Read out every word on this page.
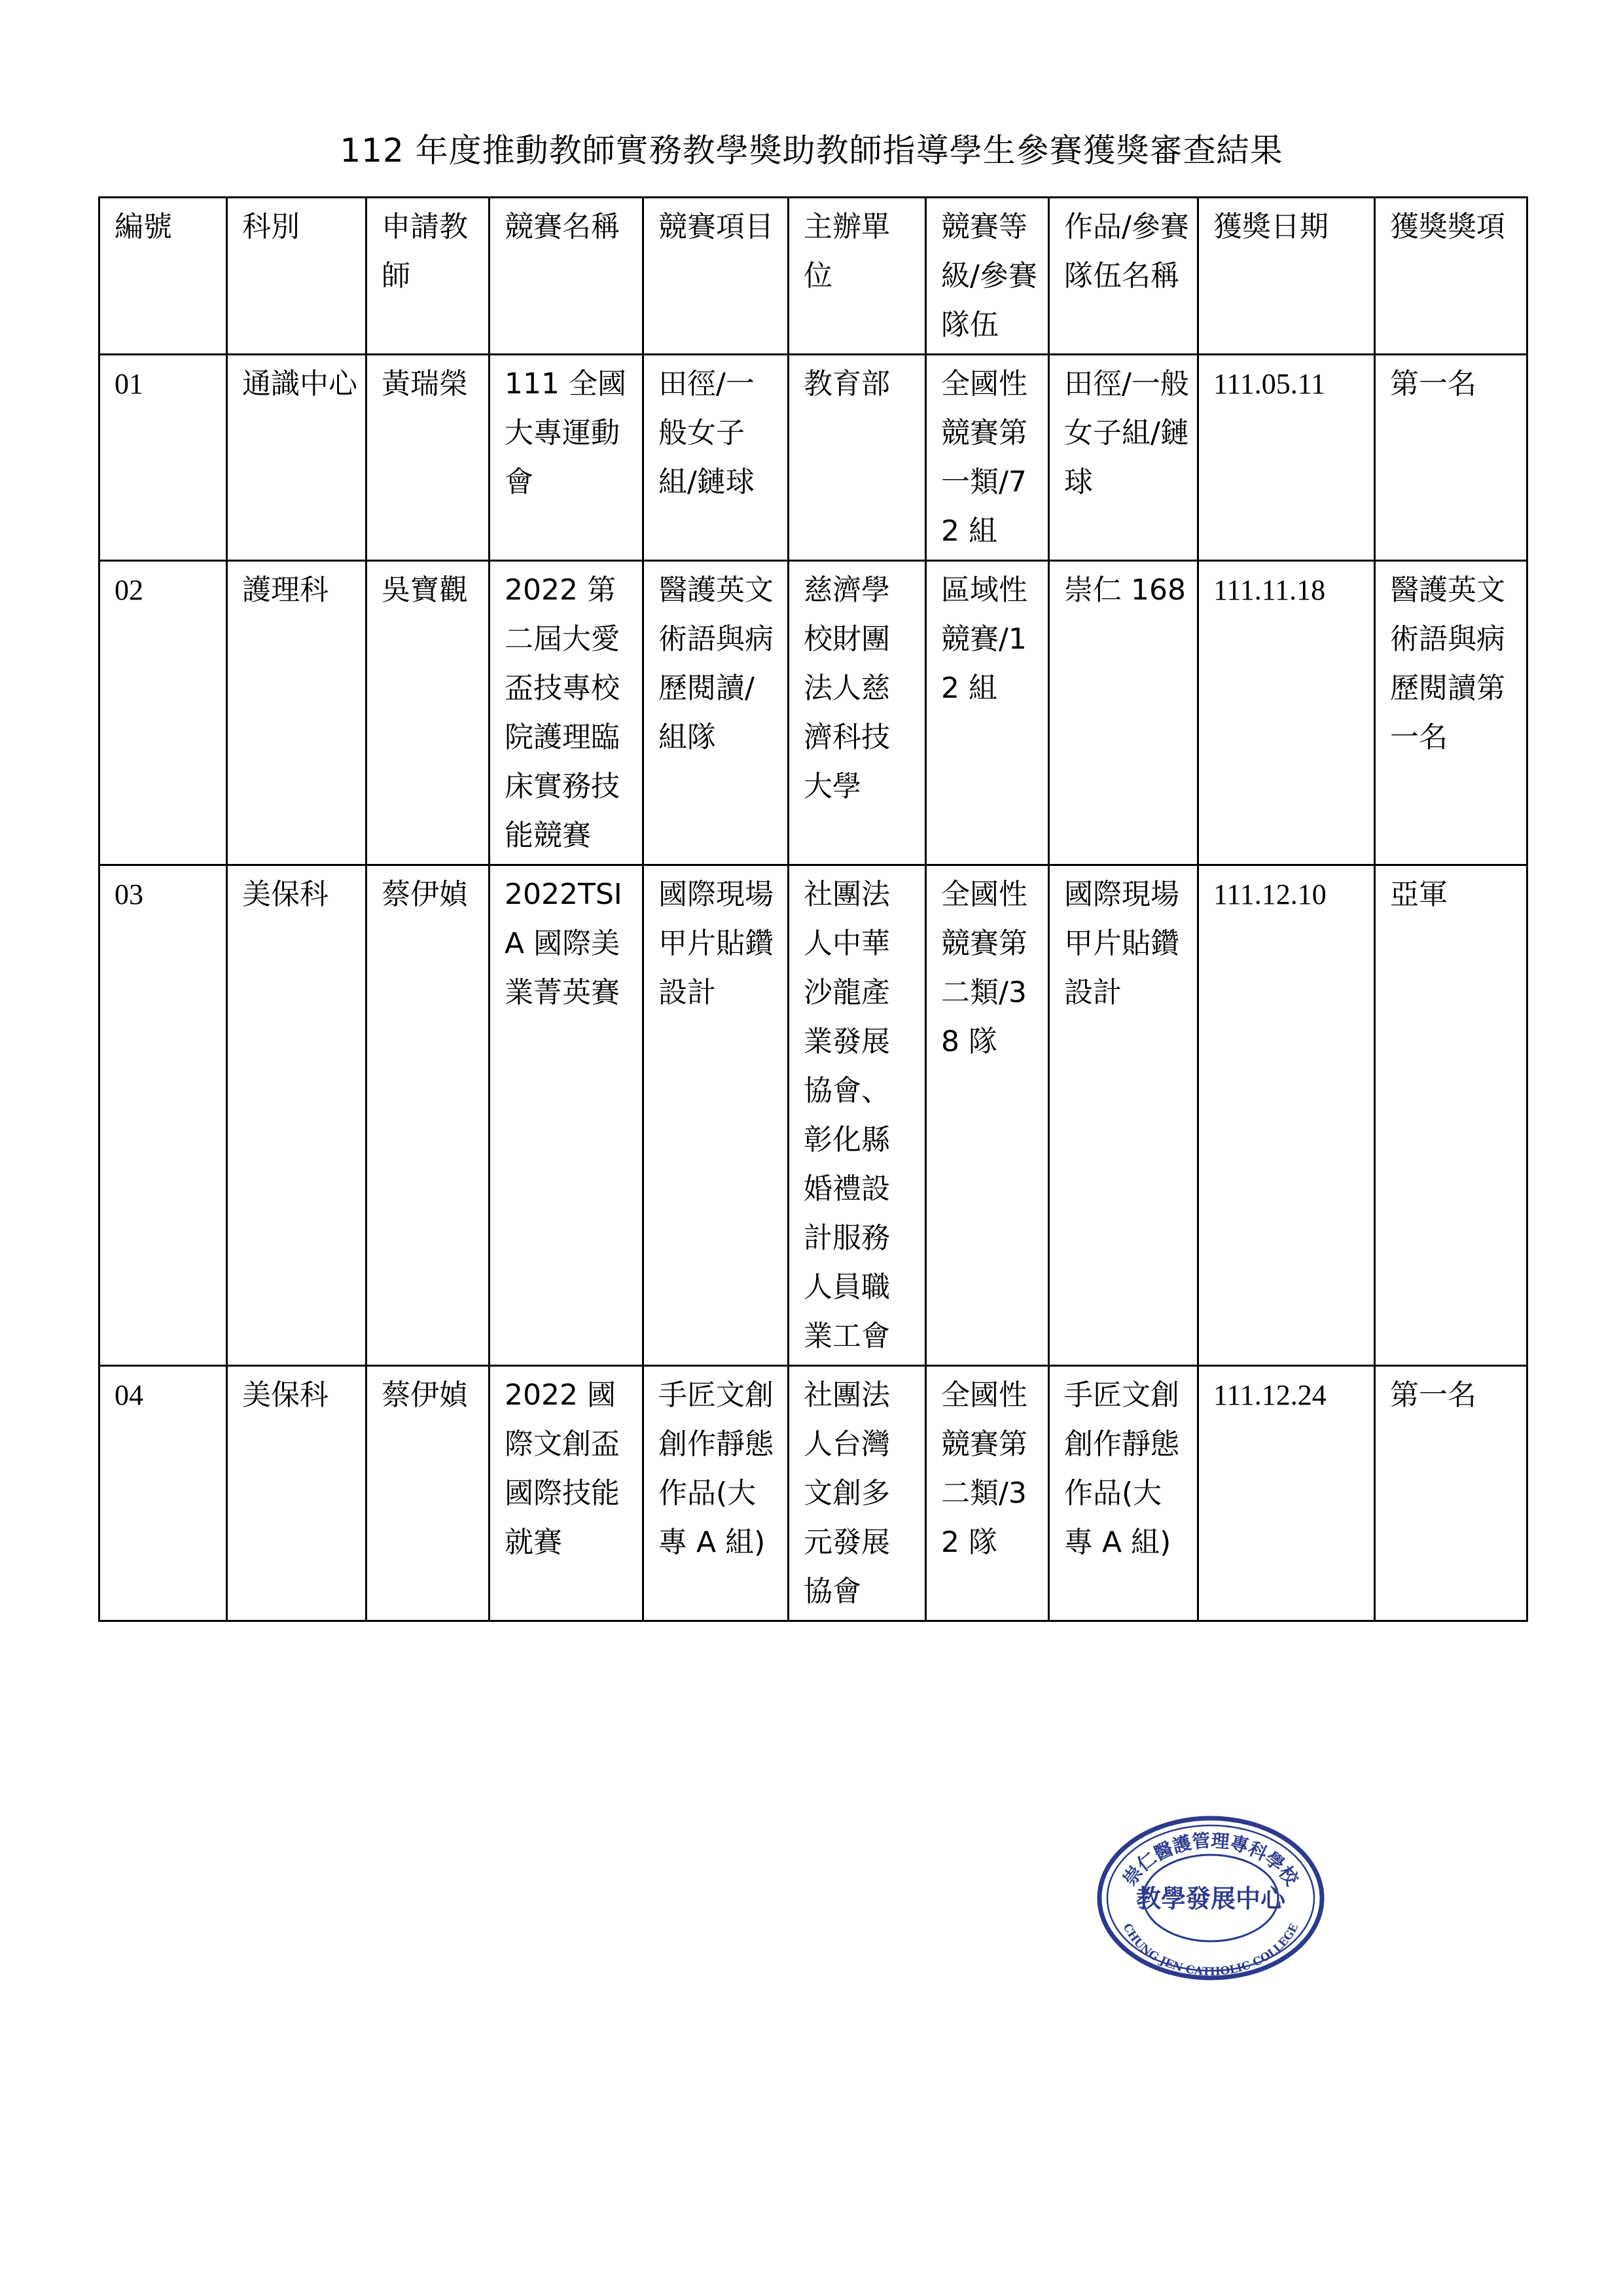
112 年度推動教師實務教學獎助教師指導學生參賽獲獎審查結果
編號	科別	申請教師	競賽名稱	競賽項目	主辦單位	競賽等級/參賽隊伍	作品/參賽隊伍名稱	獲獎日期	獲獎獎項
01	通識中心	黃瑞榮	111 全國大專運動會	田徑/一般女子組/鏈球	教育部	全國性競賽第一類/72 組	田徑/一般女子組/鏈球	111.05.11	第一名
02	護理科	吳寶觀	2022 第二屆大愛盃技專校院護理臨床實務技能競賽	醫護英文術語與病歷閱讀/組隊	慈濟學校財團法人慈濟科技大學	區域性競賽/12 組	崇仁 168	111.11.18	醫護英文術語與病歷閱讀第一名
03	美保科	蔡伊媜	2022TSIA 國際美業菁英賽	國際現場甲片貼鑽設計	社團法人中華沙龍產業發展協會、彰化縣婚禮設計服務人員職業工會	全國性競賽第二類/38 隊	國際現場甲片貼鑽設計	111.12.10	亞軍
04	美保科	蔡伊媜	2022 國際文創盃國際技能就賽	手匠文創創作靜態作品(大專 A 組)	社團法人台灣文創多元發展協會	全國性競賽第二類/32 隊	手匠文創創作靜態作品(大專 A 組)	111.12.24	第一名
崇仁醫護管理專科學校
教學發展中心
CHUNG JEN CATHOLIC COLLEGE
